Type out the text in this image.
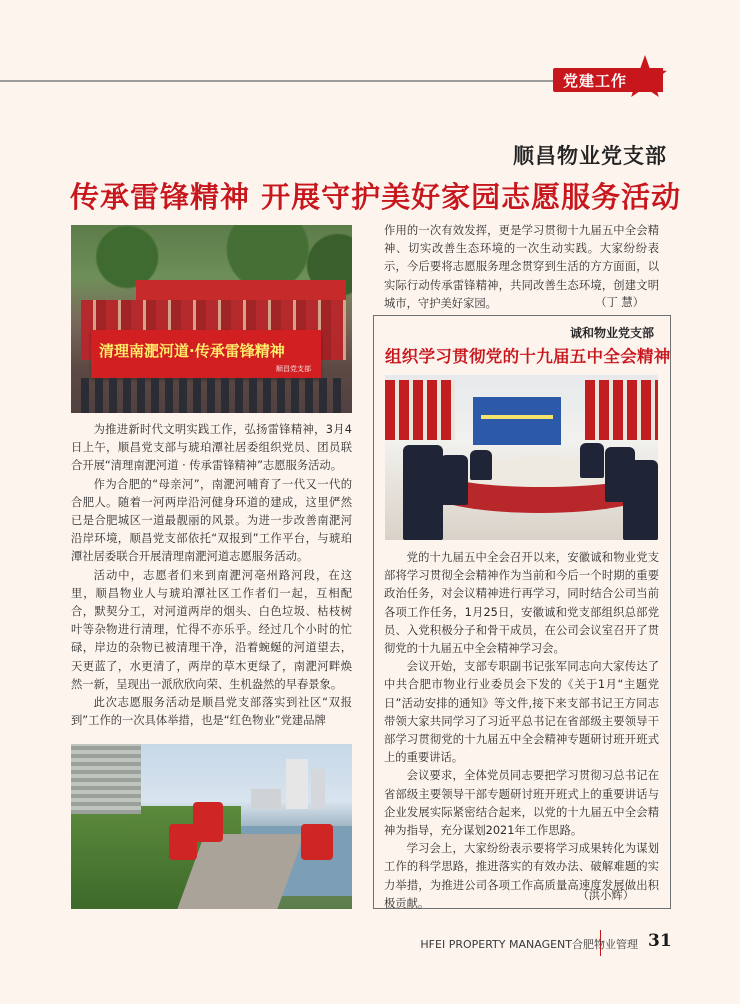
党建工作
顺昌物业党支部
传承雷锋精神 开展守护美好家园志愿服务活动
清理南淝河道·传承雷锋精神
顺昌党支部

为推进新时代文明实践工作，弘扬雷锋精神，3月4日上午，顺昌党支部与琥珀潭社居委组织党员、团员联合开展“清理南淝河道 · 传承雷锋精神”志愿服务活动。

作为合肥的“母亲河”，南淝河哺育了一代又一代的合肥人。随着一河两岸沿河健身环道的建成，这里俨然已是合肥城区一道最靓丽的风景。为进一步改善南淝河沿岸环境，顺昌党支部依托“双报到”工作平台，与琥珀潭社居委联合开展清理南淝河道志愿服务活动。

活动中，志愿者们来到南淝河亳州路河段，在这里，顺昌物业人与琥珀潭社区工作者们一起，互相配合，默契分工，对河道两岸的烟头、白色垃圾、枯枝树叶等杂物进行清理，忙得不亦乐乎。经过几个小时的忙碌，岸边的杂物已被清理干净，沿着蜿蜒的河道望去，天更蓝了，水更清了，两岸的草木更绿了，南淝河畔焕然一新，呈现出一派欣欣向荣、生机盎然的早春景象。

此次志愿服务活动是顺昌党支部落实到社区“双报到”工作的一次具体举措，也是“红色物业”党建品牌

作用的一次有效发挥，更是学习贯彻十九届五中全会精神、切实改善生态环境的一次生动实践。大家纷纷表示，今后要将志愿服务理念贯穿到生活的方方面面，以实际行动传承雷锋精神，共同改善生态环境，创建文明城市，守护美好家园。	（丁 慧）
诚和物业党支部
组织学习贯彻党的十九届五中全会精神

党的十九届五中全会召开以来，安徽诚和物业党支部将学习贯彻全会精神作为当前和今后一个时期的重要政治任务，对会议精神进行再学习，同时结合公司当前各项工作任务，1月25日，安徽诚和党支部组织总部党员、入党积极分子和骨干成员，在公司会议室召开了贯彻党的十九届五中全会精神学习会。

会议开始，支部专职副书记张军同志向大家传达了中共合肥市物业行业委员会下发的《关于1月“主题党日”活动安排的通知》等文件,接下来支部书记王方同志带领大家共同学习了习近平总书记在省部级主要领导干部学习贯彻党的十九届五中全会精神专题研讨班开班式上的重要讲话。

会议要求，全体党员同志要把学习贯彻习总书记在省部级主要领导干部专题研讨班开班式上的重要讲话与企业发展实际紧密结合起来，以党的十九届五中全会精神为指导，充分谋划2021年工作思路。

学习会上，大家纷纷表示要将学习成果转化为谋划工作的科学思路，推进落实的有效办法、破解难题的实力举措，为推进公司各项工作高质量高速度发展做出积极贡献。

（洪小辉）
HFEI PROPERTY MANAGENT合肥物业管理 31
